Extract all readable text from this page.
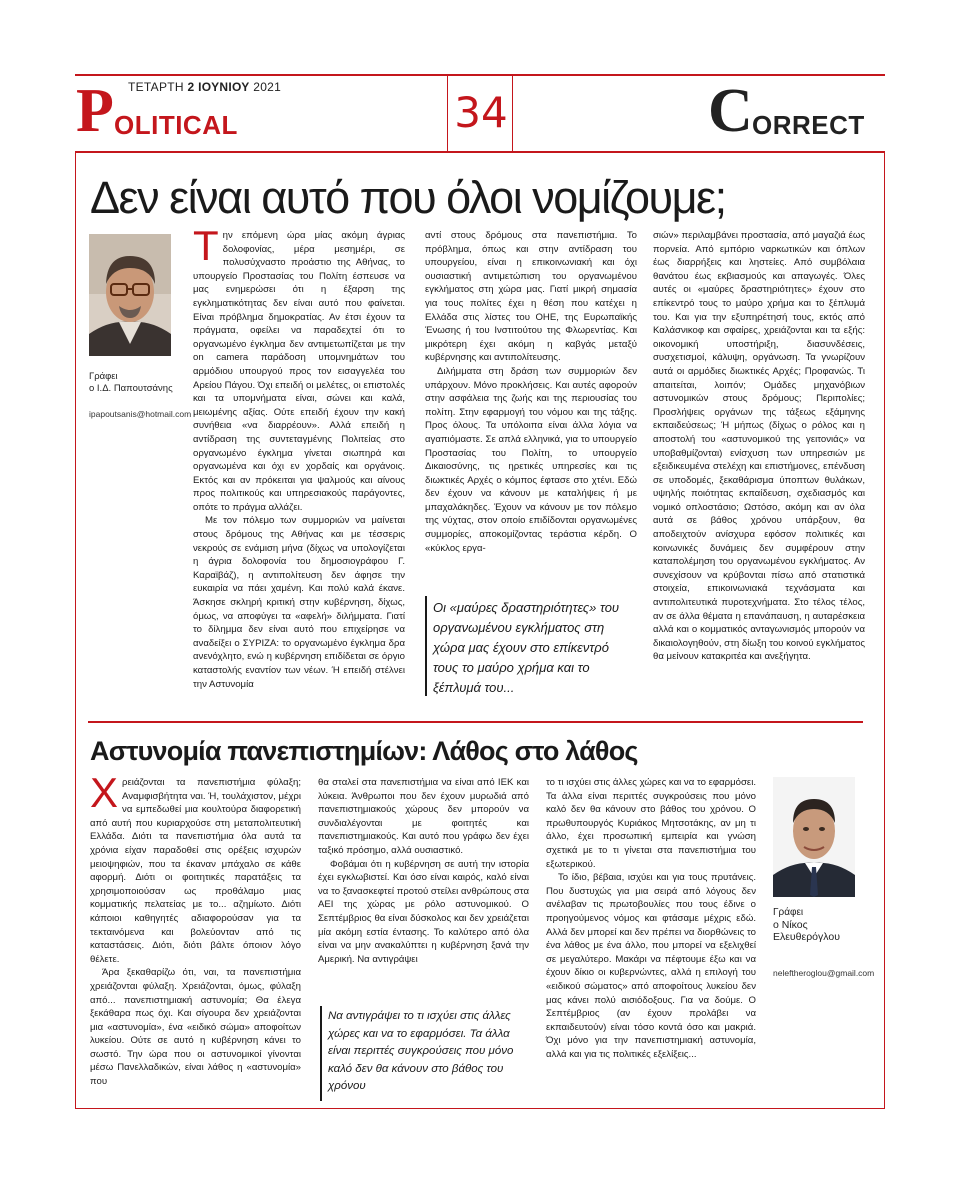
ΤΕΤΑΡΤΗ 2 ΙΟΥΝΙΟΥ 2021
P OLITICAL	34	C ORRECT
Δεν είναι αυτό που όλοι νομίζουμε;
Γράφει
ο Ι.Δ. Παπουτσάνης
ipapoutsanis@hotmail.com

Την επόμενη ώρα μίας ακόμη άγριας δολοφονίας, μέρα μεσημέρι, σε πολυσύχναστο προάστιο της Αθήνας, το υπουργείο Προστασίας του Πολίτη έσπευσε να μας ενημερώσει ότι η έξαρση της εγκληματικότητας δεν είναι αυτό που φαίνεται. Είναι πρόβλημα δημοκρατίας. Αν έτσι έχουν τα πράγματα, οφείλει να παραδεχτεί ότι το οργανωμένο έγκλημα δεν αντιμετωπίζεται με την on camera παράδοση υπομνημάτων του αρμόδιου υπουργού προς τον εισαγγελέα του Αρείου Πάγου. Όχι επειδή οι μελέτες, οι επιστολές και τα υπομνήματα είναι, σώνει και καλά, μειωμένης αξίας. Ούτε επειδή έχουν την κακή συνήθεια «να διαρρέουν». Αλλά επειδή η αντίδραση της συντεταγμένης Πολιτείας στο οργανωμένο έγκλημα γίνεται σιωπηρά και οργανωμένα και όχι εν χορδαίς και οργάνοις. Εκτός και αν πρόκειται για ψαλμούς και αίνους προς πολιτικούς και υπηρεσιακούς παράγοντες, οπότε το πράγμα αλλάζει.

Με τον πόλεμο των συμμοριών να μαίνεται στους δρόμους της Αθήνας και με τέσσερις νεκρούς σε ενάμιση μήνα (δίχως να υπολογίζεται η άγρια δολοφονία του δημοσιογράφου Γ. Καραϊβάζ), η αντιπολίτευση δεν άφησε την ευκαιρία να πάει χαμένη. Και πολύ καλά έκανε. Άσκησε σκληρή κριτική στην κυβέρνηση, δίχως, όμως, να αποφύγει τα «αφελή» διλήμματα. Γιατί το δίλημμα δεν είναι αυτό που επιχείρησε να αναδείξει ο ΣΥΡΙΖΑ: το οργανωμένο έγκλημα δρα ανενόχλητο, ενώ η κυβέρνηση επιδίδεται σε όργιο καταστολής εναντίον των νέων. Ή επειδή στέλνει την Αστυνομία

αντί στους δρόμους στα πανεπιστήμια. Το πρόβλημα, όπως και στην αντίδραση του υπουργείου, είναι η επικοινωνιακή και όχι ουσιαστική αντιμετώπιση του οργανωμένου εγκλήματος στη χώρα μας. Γιατί μικρή σημασία για τους πολίτες έχει η θέση που κατέχει η Ελλάδα στις λίστες του ΟΗΕ, της Ευρωπαϊκής Ένωσης ή του Ινστιτούτου της Φλωρεντίας. Και μικρότερη έχει ακόμη η καβγάς μεταξύ κυβέρνησης και αντιπολίτευσης.

Διλήμματα στη δράση των συμμοριών δεν υπάρχουν. Μόνο προκλήσεις. Και αυτές αφορούν στην ασφάλεια της ζωής και της περιουσίας του πολίτη. Στην εφαρμογή του νόμου και της τάξης. Προς όλους. Τα υπόλοιπα είναι άλλα λόγια να αγαπιόμαστε. Σε απλά ελληνικά, για το υπουργείο Προστασίας του Πολίτη, το υπουργείο Δικαιοσύνης, τις ηρετικές υπηρεσίες και τις διωκτικές Αρχές ο κόμπος έφτασε στο χτένι. Εδώ δεν έχουν να κάνουν με καταλήψεις ή με μπαχαλάκηδες. Έχουν να κάνουν με τον πόλεμο της νύχτας, στον οποίο επιδίδονται οργανωμένες συμμορίες, αποκομίζοντας τεράστια κέρδη. Ο «κύκλος εργα-

Οι «μαύρες δραστηριότητες» του οργανωμένου εγκλήματος στη χώρα μας έχουν στο επίκεντρό τους το μαύρο χρήμα και το ξέπλυμά του...

σιών» περιλαμβάνει προστασία, από μαγαζιά έως πορνεία. Από εμπόριο ναρκωτικών και όπλων έως διαρρήξεις και ληστείες. Από συμβόλαια θανάτου έως εκβιασμούς και απαγωγές. Όλες αυτές οι «μαύρες δραστηριότητες» έχουν στο επίκεντρό τους το μαύρο χρήμα και το ξέπλυμά του. Και για την εξυπηρέτησή τους, εκτός από Καλάσνικοφ και σφαίρες, χρειάζονται και τα εξής: οικονομική υποστήριξη, διασυνδέσεις, συσχετισμοί, κάλυψη, οργάνωση. Τα γνωρίζουν αυτά οι αρμόδιες διωκτικές Αρχές; Προφανώς. Τι απαιτείται, λοιπόν; Ομάδες μηχανόβιων αστυνομικών στους δρόμους; Περιπολίες; Προσλήψεις οργάνων της τάξεως εξάμηνης εκπαιδεύσεως; Ή μήπως (δίχως ο ρόλος και η αποστολή του «αστυνομικού της γειτονιάς» να υποβαθμίζονται) ενίσχυση των υπηρεσιών με εξειδικευμένα στελέχη και επιστήμονες, επένδυση σε υποδομές, ξεκαθάρισμα ύποπτων θυλάκων, υψηλής ποιότητας εκπαίδευση, σχεδιασμός και νομικό οπλοστάσιο; Ωστόσο, ακόμη και αν όλα αυτά σε βάθος χρόνου υπάρξουν, θα αποδειχτούν ανίσχυρα εφόσον πολιτικές και κοινωνικές δυνάμεις δεν συμφέρουν στην καταπολέμηση του οργανωμένου εγκλήματος. Αν συνεχίσουν να κρύβονται πίσω από στατιστικά στοιχεία, επικοινωνιακά τεχνάσματα και αντιπολιτευτικά πυροτεχνήματα. Στο τέλος τέλος, αν σε άλλα θέματα η επανάπαυση, η αυταρέσκεια αλλά και ο κομματικός ανταγωνισμός μπορούν να δικαιολογηθούν, στη δίωξη του κοινού εγκλήματος θα μείνουν κατακριτέα και ανεξήγητα.

Αστυνομία πανεπιστημίων: Λάθος στο λάθος

Χρειάζονται τα πανεπιστήμια φύλαξη; Αναμφισβήτητα ναι. Ή, τουλάχιστον, μέχρι να εμπεδωθεί μια κουλτούρα διαφορετική από αυτή που κυριαρχούσε στη μεταπολιτευτική Ελλάδα. Διότι τα πανεπιστήμια όλα αυτά τα χρόνια είχαν παραδοθεί στις ορέξεις ισχυρών μειοψηφιών, που τα έκαναν μπάχαλο σε κάθε αφορμή. Διότι οι φοιτητικές παρατάξεις τα χρησιμοποιούσαν ως προθάλαμο μιας κομματικής πελατείας με το... αζημίωτο. Διότι κάποιοι καθηγητές αδιαφορούσαν για τα τεκταινόμενα και βολεύονταν από τις καταστάσεις. Διότι, διότι βάλτε όποιον λόγο θέλετε.

Άρα ξεκαθαρίζω ότι, ναι, τα πανεπιστήμια χρειάζονται φύλαξη. Χρειάζονται, όμως, φύλαξη από... πανεπιστημιακή αστυνομία; Θα έλεγα ξεκάθαρα πως όχι. Και σίγουρα δεν χρειάζονται μια «αστυνομία», ένα «ειδικό σώμα» αποφοίτων λυκείου. Ούτε σε αυτό η κυβέρνηση κάνει το σωστό. Την ώρα που οι αστυνομικοί γίνονται μέσω Πανελλαδικών, είναι λάθος η «αστυνομία» που

θα σταλεί στα πανεπιστήμια να είναι από ΙΕΚ και λύκεια. Άνθρωποι που δεν έχουν μυρωδιά από πανεπιστημιακούς χώρους δεν μπορούν να συνδιαλέγονται με φοιτητές και πανεπιστημιακούς. Και αυτό που γράφω δεν έχει ταξικό πρόσημο, αλλά ουσιαστικό.

Φοβάμαι ότι η κυβέρνηση σε αυτή την ιστορία έχει εγκλωβιστεί. Και όσο είναι καιρός, καλό είναι να το ξανασκεφτεί προτού στείλει ανθρώπους στα ΑΕΙ της χώρας με ρόλο αστυνομικού. Ο Σεπτέμβριος θα είναι δύσκολος και δεν χρειάζεται μία ακόμη εστία έντασης. Το καλύτερο από όλα είναι να μην ανακαλύπτει η κυβέρνηση ξανά την Αμερική. Να αντιγράψει

Να αντιγράψει το τι ισχύει στις άλλες χώρες και να το εφαρμόσει. Τα άλλα είναι περιττές συγκρούσεις που μόνο καλό δεν θα κάνουν στο βάθος του χρόνου

το τι ισχύει στις άλλες χώρες και να το εφαρμόσει. Τα άλλα είναι περιττές συγκρούσεις που μόνο καλό δεν θα κάνουν στο βάθος του χρόνου. Ο πρωθυπουργός Κυριάκος Μητσοτάκης, αν μη τι άλλο, έχει προσωπική εμπειρία και γνώση σχετικά με το τι γίνεται στα πανεπιστήμια του εξωτερικού.

Το ίδιο, βέβαια, ισχύει και για τους πρυτάνεις. Που δυστυχώς για μια σειρά από λόγους δεν ανέλαβαν τις πρωτοβουλίες που τους έδινε ο προηγούμενος νόμος και φτάσαμε μέχρις εδώ. Αλλά δεν μπορεί και δεν πρέπει να διορθώνεις το ένα λάθος με ένα άλλο, που μπορεί να εξελιχθεί σε μεγαλύτερο. Μακάρι να πέφτουμε έξω και να έχουν δίκιο οι κυβερνώντες, αλλά η επιλογή του «ειδικού σώματος» από αποφοίτους λυκείου δεν μας κάνει πολύ αισιόδοξους. Για να δούμε. Ο Σεπτέμβριος (αν έχουν προλάβει να εκπαιδευτούν) είναι τόσο κοντά όσο και μακριά. Όχι μόνο για την πανεπιστημιακή αστυνομία, αλλά και για τις πολιτικές εξελίξεις...

Γράφει
ο Νίκος Ελευθερόγλου
neleftheroglou@gmail.com
